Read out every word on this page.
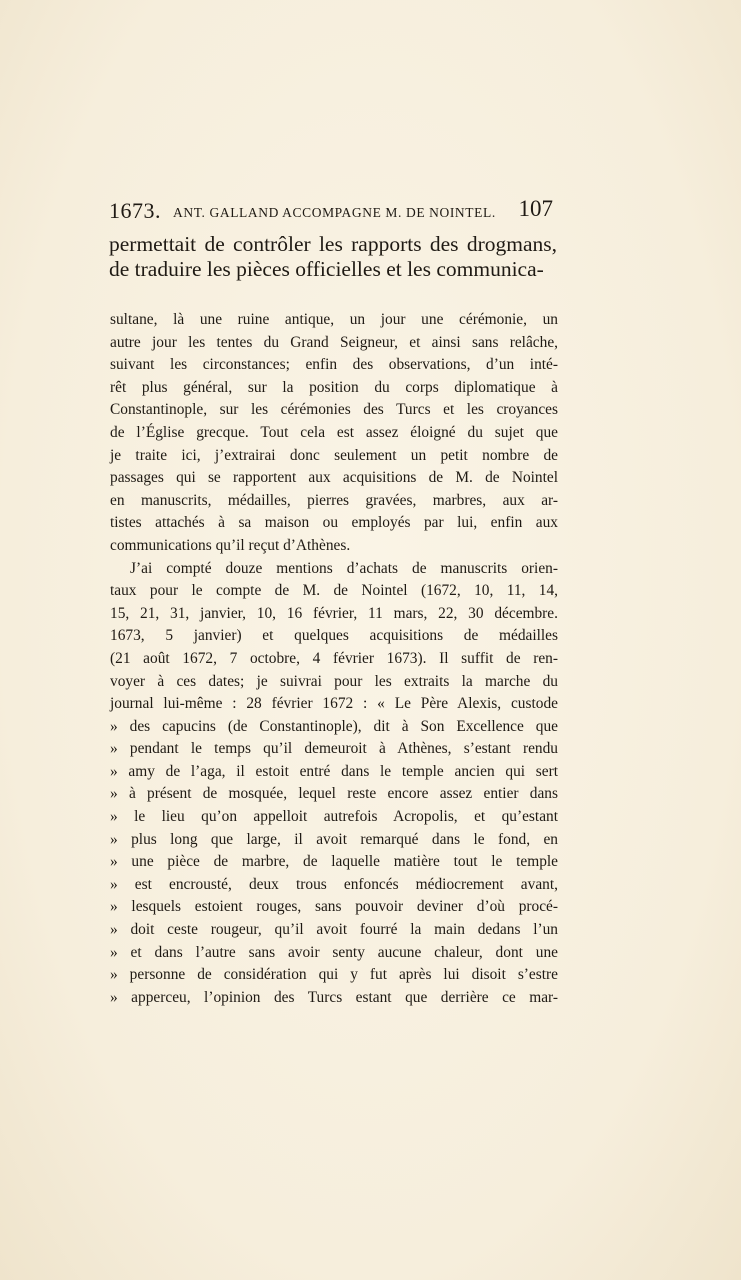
1673. ANT. GALLAND ACCOMPAGNE M. DE NOINTEL. 107
permettait de contrôler les rapports des drogmans,
de traduire les pièces officielles et les communica-
sultane, là une ruine antique, un jour une cérémonie, un
autre jour les tentes du Grand Seigneur, et ainsi sans relâche,
suivant les circonstances; enfin des observations, d’un inté-
rêt plus général, sur la position du corps diplomatique à
Constantinople, sur les cérémonies des Turcs et les croyances
de l’Église grecque. Tout cela est assez éloigné du sujet que
je traite ici, j’extrairai donc seulement un petit nombre de
passages qui se rapportent aux acquisitions de M. de Nointel
en manuscrits, médailles, pierres gravées, marbres, aux ar-
tistes attachés à sa maison ou employés par lui, enfin aux
communications qu’il reçut d’Athènes.
J’ai compté douze mentions d’achats de manuscrits orien-
taux pour le compte de M. de Nointel (1672, 10, 11, 14,
15, 21, 31, janvier, 10, 16 février, 11 mars, 22, 30 décembre.
1673, 5 janvier) et quelques acquisitions de médailles
(21 août 1672, 7 octobre, 4 février 1673). Il suffit de ren-
voyer à ces dates; je suivrai pour les extraits la marche du
journal lui-même : 28 février 1672 : « Le Père Alexis, custode
» des capucins (de Constantinople), dit à Son Excellence que
» pendant le temps qu’il demeuroit à Athènes, s’estant rendu
» amy de l’aga, il estoit entré dans le temple ancien qui sert
» à présent de mosquée, lequel reste encore assez entier dans
» le lieu qu’on appelloit autrefois Acropolis, et qu’estant
» plus long que large, il avoit remarqué dans le fond, en
» une pièce de marbre, de laquelle matière tout le temple
» est encrousté, deux trous enfoncés médiocrement avant,
» lesquels estoient rouges, sans pouvoir deviner d’où procé-
» doit ceste rougeur, qu’il avoit fourré la main dedans l’un
» et dans l’autre sans avoir senty aucune chaleur, dont une
» personne de considération qui y fut après lui disoit s’estre
» apperceu, l’opinion des Turcs estant que derrière ce mar-
